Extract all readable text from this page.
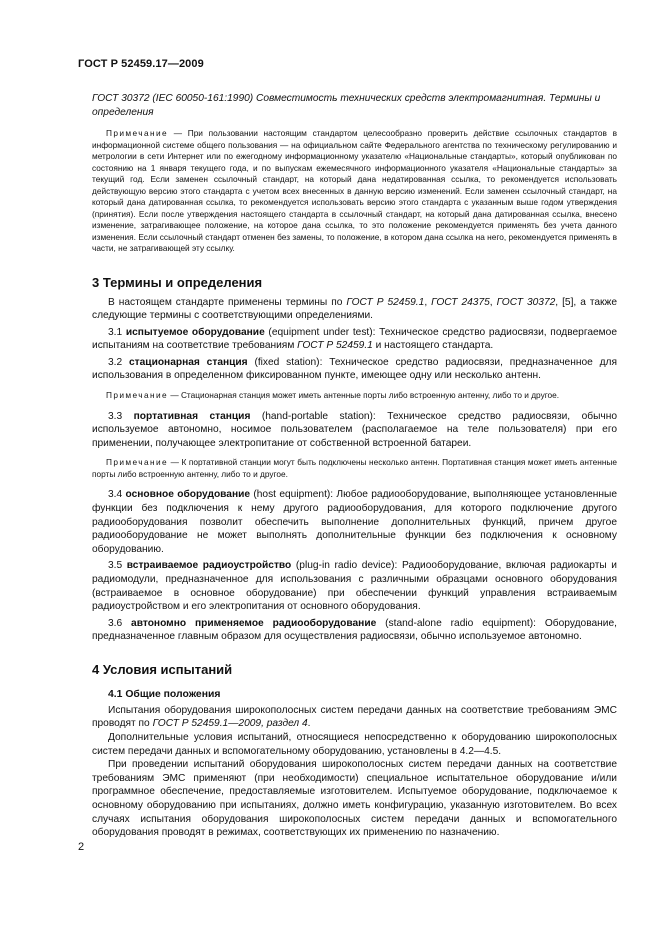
ГОСТ Р 52459.17—2009

ГОСТ 30372 (IEC 60050-161:1990) Совместимость технических средств электромагнитная. Термины и определения

Примечание — При пользовании настоящим стандартом целесообразно проверить действие ссылочных стандартов в информационной системе общего пользования — на официальном сайте Федерального агентства по техническому регулированию и метрологии в сети Интернет или по ежегодному информационному указателю «Национальные стандарты», который опубликован по состоянию на 1 января текущего года, и по выпускам ежемесячного информационного указателя «Национальные стандарты» за текущий год. Если заменен ссылочный стандарт, на который дана недатированная ссылка, то рекомендуется использовать действующую версию этого стандарта с учетом всех внесенных в данную версию изменений. Если заменен ссылочный стандарт, на который дана датированная ссылка, то рекомендуется использовать версию этого стандарта с указанным выше годом утверждения (принятия). Если после утверждения настоящего стандарта в ссылочный стандарт, на который дана датированная ссылка, внесено изменение, затрагивающее положение, на которое дана ссылка, то это положение рекомендуется применять без учета данного изменения. Если ссылочный стандарт отменен без замены, то положение, в котором дана ссылка на него, рекомендуется применять в части, не затрагивающей эту ссылку.

3 Термины и определения

В настоящем стандарте применены термины по ГОСТ Р 52459.1, ГОСТ 24375, ГОСТ 30372, [5], а также следующие термины с соответствующими определениями.

3.1 испытуемое оборудование (equipment under test): Техническое средство радиосвязи, подвергаемое испытаниям на соответствие требованиям ГОСТ Р 52459.1 и настоящего стандарта.

3.2 стационарная станция (fixed station): Техническое средство радиосвязи, предназначенное для использования в определенном фиксированном пункте, имеющее одну или несколько антенн.

Примечание — Стационарная станция может иметь антенные порты либо встроенную антенну, либо то и другое.

3.3 портативная станция (hand-portable station): Техническое средство радиосвязи, обычно используемое автономно, носимое пользователем (располагаемое на теле пользователя) при его применении, получающее электропитание от собственной встроенной батареи.

Примечание — К портативной станции могут быть подключены несколько антенн. Портативная станция может иметь антенные порты либо встроенную антенну, либо то и другое.

3.4 основное оборудование (host equipment): Любое радиооборудование, выполняющее установленные функции без подключения к нему другого радиооборудования, для которого подключение другого радиооборудования позволит обеспечить выполнение дополнительных функций, причем другое радиооборудование не может выполнять дополнительные функции без подключения к основному оборудованию.

3.5 встраиваемое радиоустройство (plug-in radio device): Радиооборудование, включая радиокарты и радиомодули, предназначенное для использования с различными образцами основного оборудования (встраиваемое в основное оборудование) при обеспечении функций управления встраиваемым радиоустройством и его электропитания от основного оборудования.

3.6 автономно применяемое радиооборудование (stand-alone radio equipment): Оборудование, предназначенное главным образом для осуществления радиосвязи, обычно используемое автономно.

4 Условия испытаний
4.1 Общие положения

Испытания оборудования широкополосных систем передачи данных на соответствие требованиям ЭМС проводят по ГОСТ Р 52459.1—2009, раздел 4.

Дополнительные условия испытаний, относящиеся непосредственно к оборудованию широкополосных систем передачи данных и вспомогательному оборудованию, установлены в 4.2—4.5.

При проведении испытаний оборудования широкополосных систем передачи данных на соответствие требованиям ЭМС применяют (при необходимости) специальное испытательное оборудование и/или программное обеспечение, предоставляемые изготовителем. Испытуемое оборудование, подключаемое к основному оборудованию при испытаниях, должно иметь конфигурацию, указанную изготовителем. Во всех случаях испытания оборудования широкополосных систем передачи данных и вспомогательного оборудования проводят в режимах, соответствующих их применению по назначению.

2
